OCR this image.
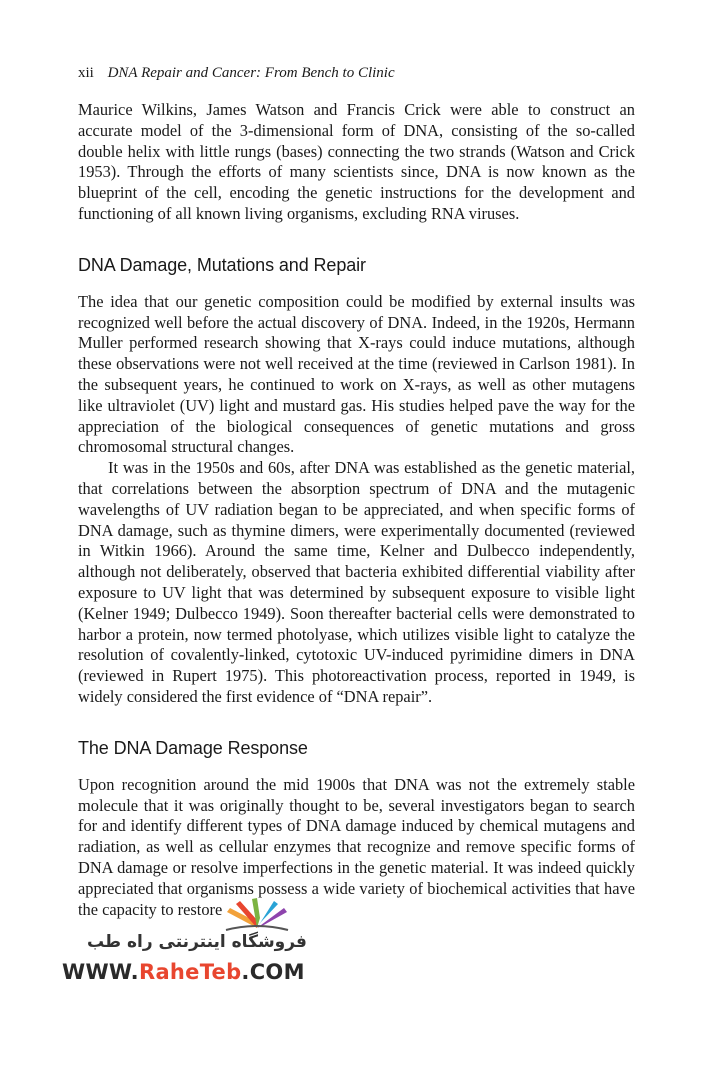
xii DNA Repair and Cancer: From Bench to Clinic

Maurice Wilkins, James Watson and Francis Crick were able to construct an accurate model of the 3-dimensional form of DNA, consisting of the so-called double helix with little rungs (bases) connecting the two strands (Watson and Crick 1953). Through the efforts of many scientists since, DNA is now known as the blueprint of the cell, encoding the genetic instructions for the development and functioning of all known living organisms, excluding RNA viruses.

DNA Damage, Mutations and Repair

The idea that our genetic composition could be modified by external insults was recognized well before the actual discovery of DNA. Indeed, in the 1920s, Hermann Muller performed research showing that X-rays could induce mutations, although these observations were not well received at the time (reviewed in Carlson 1981). In the subsequent years, he continued to work on X-rays, as well as other mutagens like ultraviolet (UV) light and mustard gas. His studies helped pave the way for the appreciation of the biological consequences of genetic mutations and gross chromosomal structural changes.

It was in the 1950s and 60s, after DNA was established as the genetic material, that correlations between the absorption spectrum of DNA and the mutagenic wavelengths of UV radiation began to be appreciated, and when specific forms of DNA damage, such as thymine dimers, were experimentally documented (reviewed in Witkin 1966). Around the same time, Kelner and Dulbecco independently, although not deliberately, observed that bacteria exhibited differential viability after exposure to UV light that was determined by subsequent exposure to visible light (Kelner 1949; Dulbecco 1949). Soon thereafter bacterial cells were demonstrated to harbor a protein, now termed photolyase, which utilizes visible light to catalyze the resolution of covalently-linked, cytotoxic UV-induced pyrimidine dimers in DNA (reviewed in Rupert 1975). This photoreactivation process, reported in 1949, is widely considered the first evidence of “DNA repair”.

The DNA Damage Response

Upon recognition around the mid 1900s that DNA was not the extremely stable molecule that it was originally thought to be, several investigators began to search for and identify different types of DNA damage induced by chemical mutagens and radiation, as well as cellular enzymes that recognize and remove specific forms of DNA damage or resolve imperfections in the genetic material. It was indeed quickly appreciated that organisms possess a wide variety of biochemical activities that have the capacity to restore

فروشگاه اینترنتی راه طب
WWW.RaheTeb.COM
